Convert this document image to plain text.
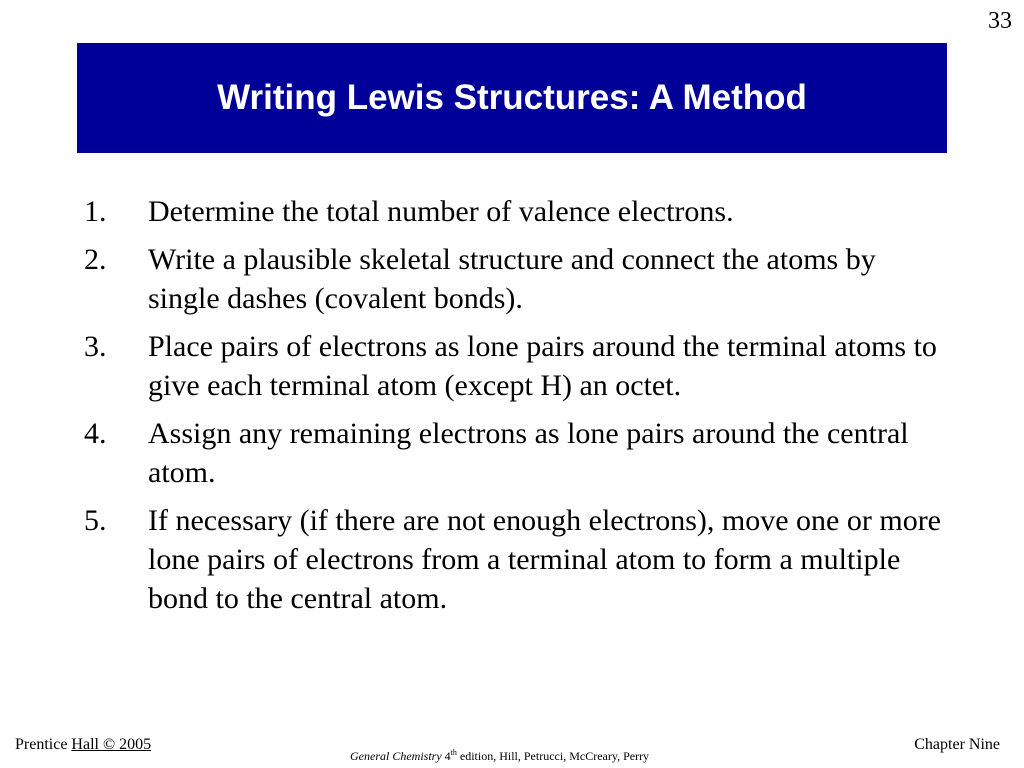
33
Writing Lewis Structures: A Method
1.	Determine the total number of valence electrons.
2.	Write a plausible skeletal structure and connect the atoms by single dashes (covalent bonds).
3.	Place pairs of electrons as lone pairs around the terminal atoms to give each terminal atom (except H) an octet.
4.	Assign any remaining electrons as lone pairs around the central atom.
5.	If necessary (if there are not enough electrons), move one or more lone pairs of electrons from a terminal atom to form a multiple bond to the central atom.
Prentice Hall © 2005
General Chemistry 4th edition, Hill, Petrucci, McCreary, Perry
Chapter Nine
